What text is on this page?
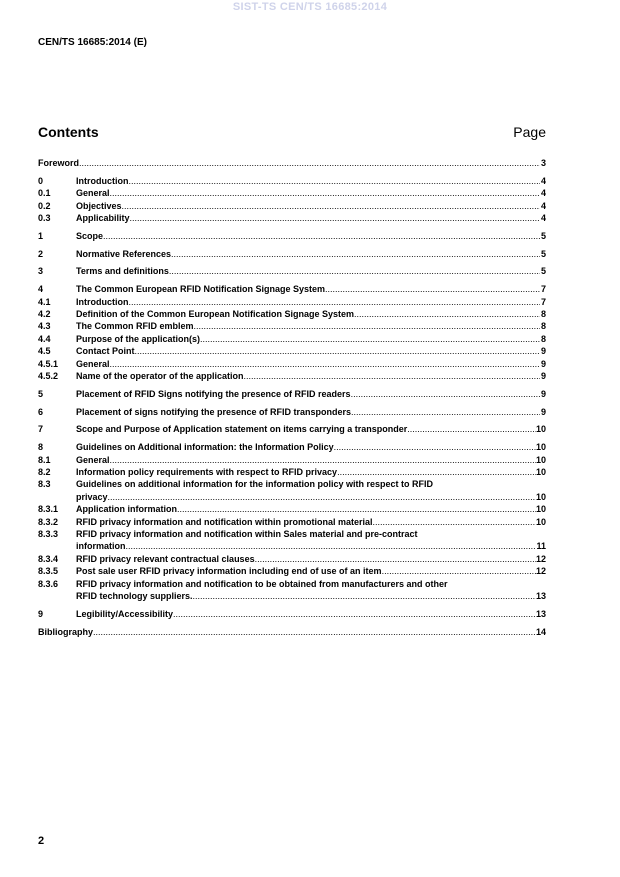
SIST-TS CEN/TS 16685:2014
CEN/TS 16685:2014 (E)
Contents	Page
Foreword .....	3
0	Introduction .....	4
0.1	General .....	4
0.2	Objectives .....	4
0.3	Applicability .....	4
1	Scope .....	5
2	Normative References .....	5
3	Terms and definitions .....	5
4	The Common European RFID Notification Signage System .....	7
4.1	Introduction .....	7
4.2	Definition of the Common European Notification Signage System .....	8
4.3	The Common RFID emblem .....	8
4.4	Purpose of the application(s) .....	8
4.5	Contact Point .....	9
4.5.1	General .....	9
4.5.2	Name of the operator of the application .....	9
5	Placement of RFID Signs notifying the presence of RFID readers .....	9
6	Placement of signs notifying the presence of RFID transponders .....	9
7	Scope and Purpose of Application statement on items carrying a transponder .....	10
8	Guidelines on Additional information: the Information Policy .....	10
8.1	General .....	10
8.2	Information policy requirements with respect to RFID privacy .....	10
8.3	Guidelines on additional information for the information policy with respect to RFID
privacy .....	10
8.3.1	Application information .....	10
8.3.2	RFID privacy information and notification within promotional material .....	10
8.3.3	RFID privacy information and notification within Sales material and pre-contract
information .....	11
8.3.4	RFID privacy relevant contractual clauses .....	12
8.3.5	Post sale user RFID privacy information including end of use of an item .....	12
8.3.6	RFID privacy information and notification to be obtained from manufacturers and other
RFID technology suppliers. .....	13
9	Legibility/Accessibility .....	13
Bibliography .....	14
2
